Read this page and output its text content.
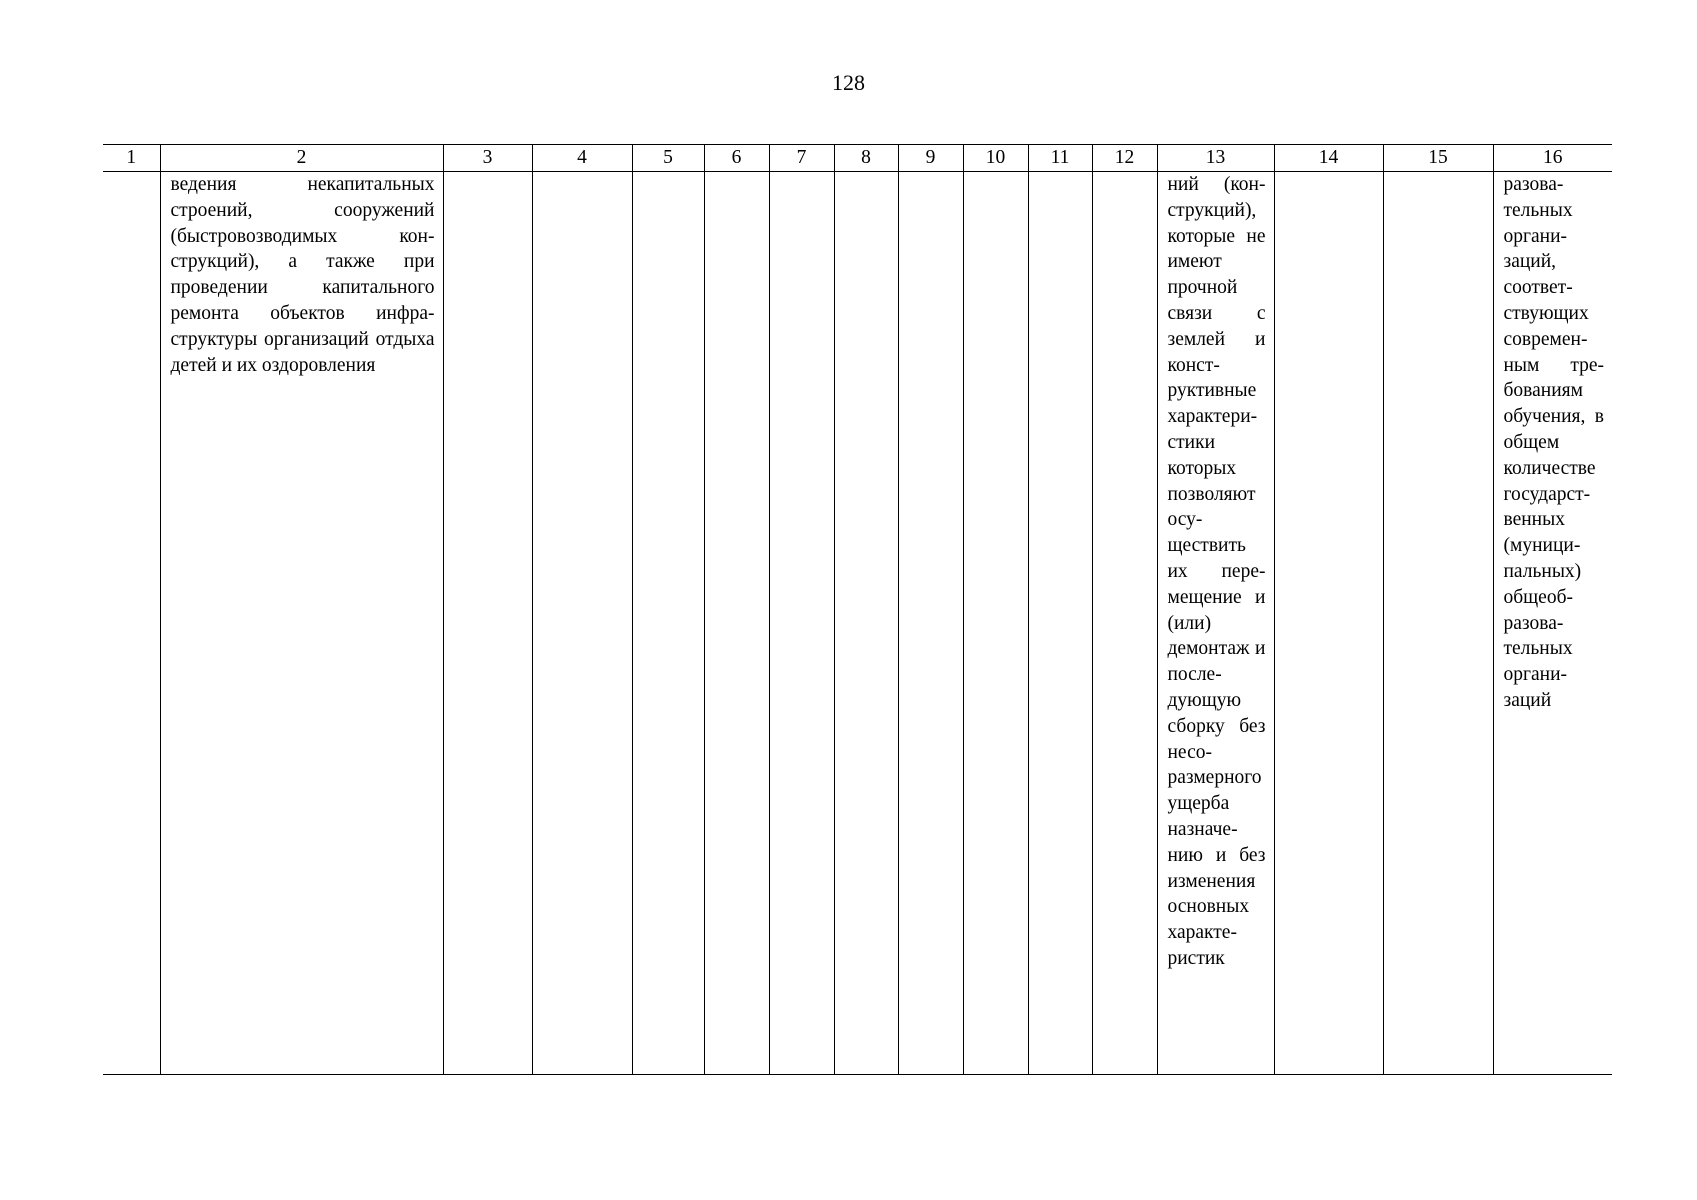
128
1	2	3	4	5	6	7	8	9	10	11	12	13	14	15	16

	ведения некапитальных строений, сооружений (быстровозводимых конструкций), а также при проведении капитального ремонта объектов инфраструктуры организаций отдыха детей и их оздоровления											ний (конструкций), которые не имеют прочной связи с землей и конструктивные характеристики которых позволяют осуществить их перемещение и (или) демонтаж и последующую сборку без несоразмерного ущерба назначению и без изменения основных характеристик			разовательных организаций, соответствующих современным требованиям обучения, в общем количестве государственных (муниципальных) общеобразовательных организаций
